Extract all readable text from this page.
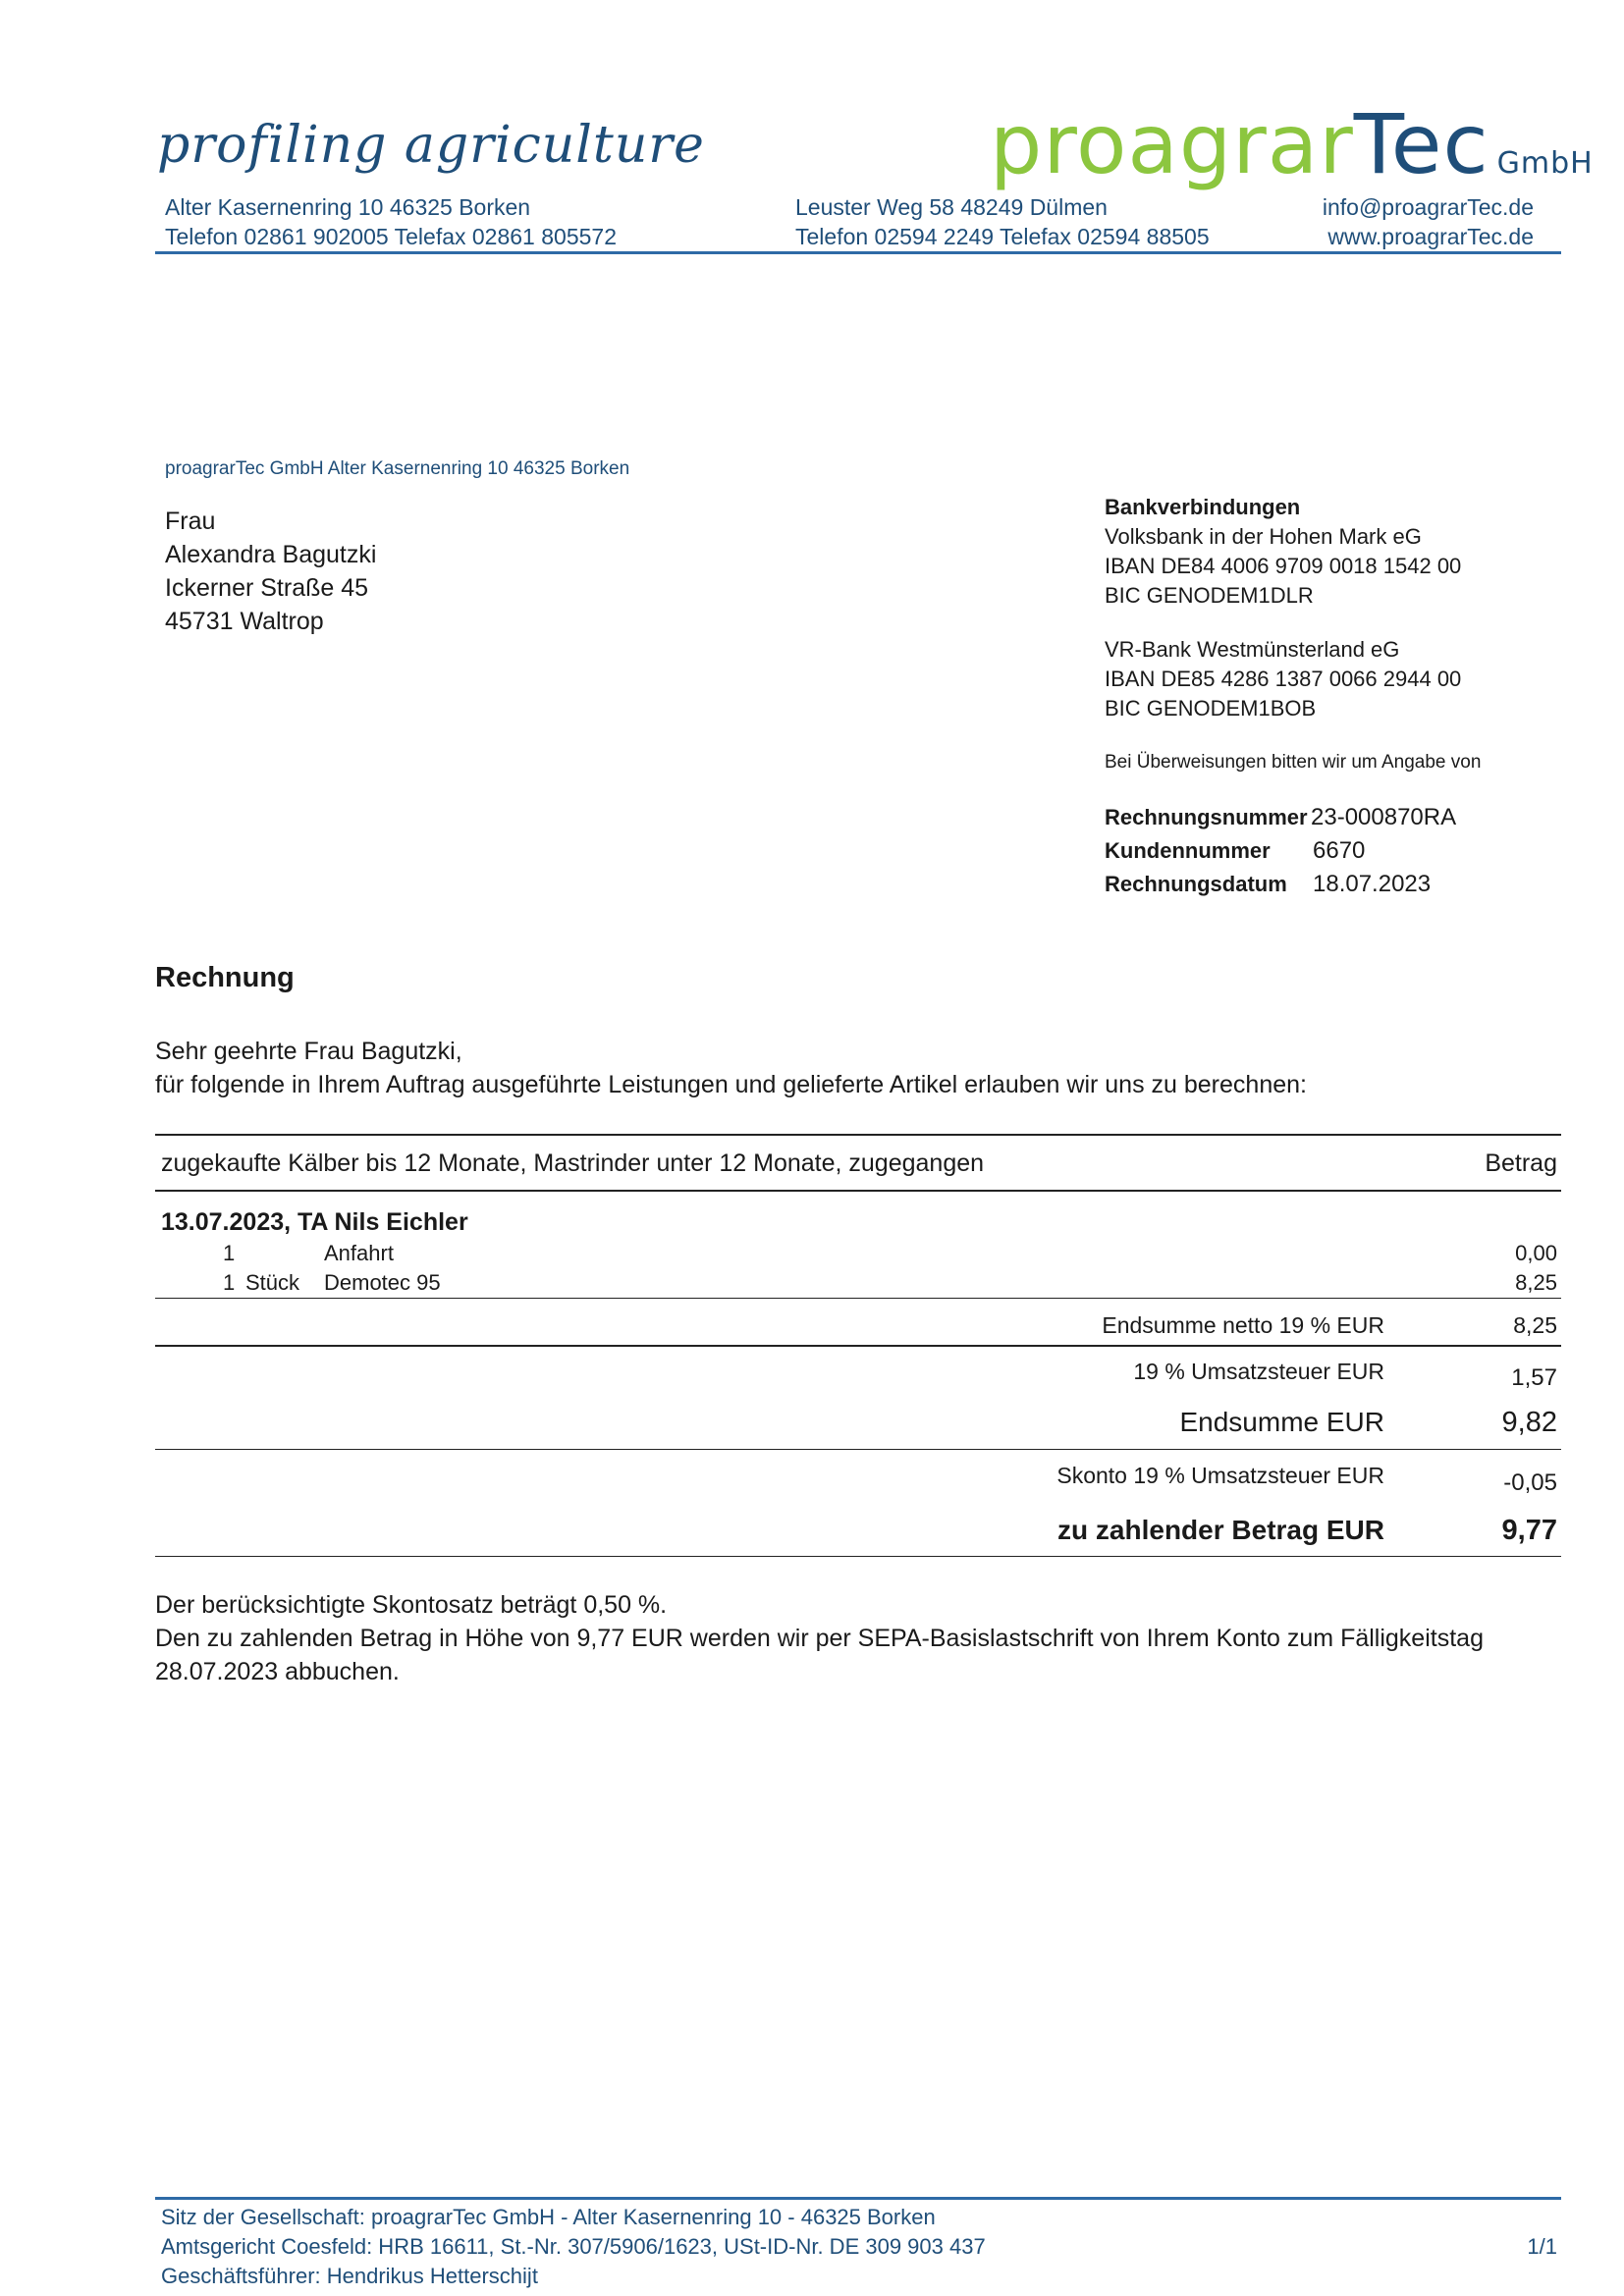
profiling agriculture	proagrarTec GmbH
Alter Kasernenring 10 46325 Borken
Telefon 02861 902005 Telefax 02861 805572
Leuster Weg 58 48249 Dülmen
Telefon 02594 2249 Telefax 02594 88505
info@proagrarTec.de
www.proagrarTec.de
proagrarTec GmbH Alter Kasernenring 10 46325 Borken
Frau
Alexandra Bagutzki
Ickerner Straße 45
45731 Waltrop
Bankverbindungen
Volksbank in der Hohen Mark eG
IBAN DE84 4006 9709 0018 1542 00
BIC GENODEM1DLR
VR-Bank Westmünsterland eG
IBAN DE85 4286 1387 0066 2944 00
BIC GENODEM1BOB
Bei Überweisungen bitten wir um Angabe von
Rechnungsnummer 23-000870RA
Kundennummer 6670
Rechnungsdatum 18.07.2023
Rechnung
Sehr geehrte Frau Bagutzki,
für folgende in Ihrem Auftrag ausgeführte Leistungen und gelieferte Artikel erlauben wir uns zu berechnen:
zugekaufte Kälber bis 12 Monate, Mastrinder unter 12 Monate, zugegangen	Betrag
13.07.2023, TA Nils Eichler
1	Anfahrt	0,00
1 Stück Demotec 95	8,25
Endsumme netto 19 % EUR	8,25
19 % Umsatzsteuer EUR	1,57
Endsumme EUR	9,82
Skonto 19 % Umsatzsteuer EUR	-0,05
zu zahlender Betrag EUR	9,77
Der berücksichtigte Skontosatz beträgt 0,50 %.
Den zu zahlenden Betrag in Höhe von 9,77 EUR werden wir per SEPA-Basislastschrift von Ihrem Konto zum Fälligkeitstag
28.07.2023 abbuchen.
Sitz der Gesellschaft: proagrarTec GmbH - Alter Kasernenring 10 - 46325 Borken
Amtsgericht Coesfeld: HRB 16611, St.-Nr. 307/5906/1623, USt-ID-Nr. DE 309 903 437
Geschäftsführer: Hendrikus Hetterschijt
1/1
